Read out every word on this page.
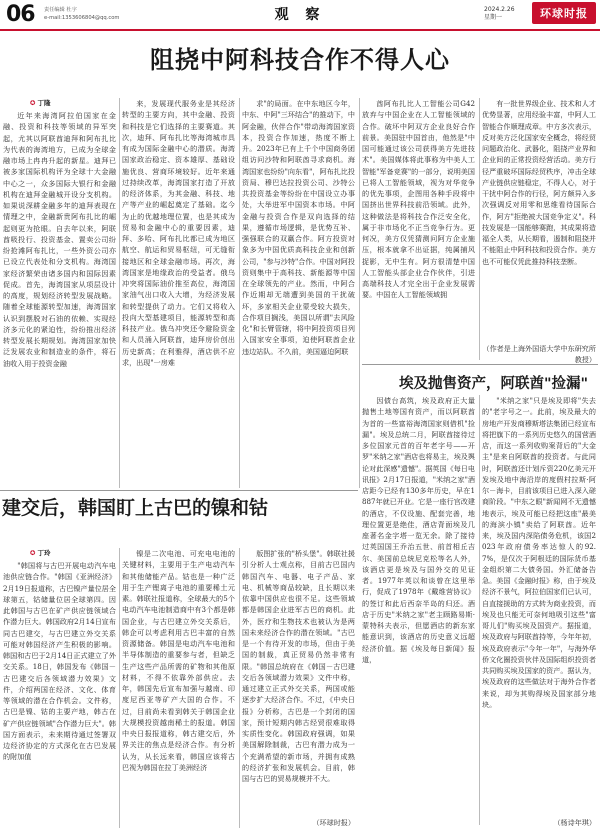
06 责任编辑 杜宇
e-mail:1353606804@qq.com	观 察	2024.2.26
星期一	环球时报
阻挠中阿科技合作不得人心
✪ 丁隆

近年来海湾阿拉伯国家在金融、投资和科技等领域的异军突起，尤其以阿联酋迪拜和阿布扎比为代表的海湾地方，已成为全球金融市场上冉冉升起的新星。迪拜已被多家国际机构评为全球十大金融中心之一，众多国际大银行和金融机构在迪拜金融城开设分支机构。如果说深耕金融多年的迪拜表现在情理之中，金融新贵阿布扎比的崛起则更为抢眼。自去年以来，阿联酋吸投行、投资基金、置卖公司纷纷抢滩阿布扎比，一些外资公司亦已设立代表处和分支机构。海湾国家经济繁荣由诸多国内和国际因素促成。首先，海湾国家从项层设计的高度，规划经济转型发展战略。随着全球能源转型加速，海湾国家认识到摆脱对石油的依赖、实现经济多元化的紧迫性，纷纷推出经济转型发展长期规划。海湾国家加快泛发展农业和制造业的条件，将石油收入用于投资金融

来，发展现代服务业是其经济转型的主要方向，其中金融、投资和科技是它们选择的主要赛道。其次，迪拜、阿布扎比等海湾城市具有成为国际金融中心的潜质。海湾国家政治稳定、资本雄厚、基础设施优良、营商环境较好。近年来通过持续改革，海湾国家打造了开放的经济体系，为其金融、科技、地产等产业的崛起奠定了基础。迄今为止的优越地理位置，也是其成为贸易和金融中心的重要因素，迪拜、多哈、阿布扎比都已成为地区航空、航运和贸易枢纽，可无缝衔接地区和全球金融市场。再次，海湾国家是地缘政治的受益者。俄乌冲突将国际油价推至高位，海湾国家油气出口收入大增，为经济发展和转型提供了动力。它们又将收入投向大型基建项目，能源转型和高科技产业。俄乌冲突还令避险资金和人员涌入阿联酋，迪拜房价创出历史新高；在利雅得，酒店供不应求，出现"一房难

求"的局面。在中东地区今年，中东、中阿"三环结合"的推动下，中阿金融，伙伴合作"带动海湾国家资本，投资合作加速，热度不断上升。2023年已有上千个中国商务团组访问沙特和阿联酋寻求商机。海湾国家也纷纷"向东看"，阿布扎比投资局、穆巴达拉投资公司、沙特公共投资基金等纷纷在中国设立办事处，大举进军中国资本市场。中阿金融与投资合作是双向选择的结果，遵循市场逻辑，是优势互补、强强联合的双赢合作。阿方投资对象多为中国优质高科技企业和创新公司，"参与沙特"合作。中国对阿投资则集中于高科技、新能源等中国在全球领先的产业。然而，中阿合作近期却无端遭到美国的干扰破坏，多家相关企业蒙受较大损失，合作项目搁浅，美国以所谓"去风险化"和长臂管辖，将中阿投资项目列入国家安全事项，迫使阿联酋企业违边站队。不久前，美国逼迫阿联

酋阿布扎比人工智能公司G42放弃与中国企业在人工智能领域的合作。破坏中阿双方企业良好合作前景。美国驻中国首由，他然是"中国可能通过该公司获得美方先进技术"。美国媒体将此事称为中美人工智能"军备竞赛"的一部分，说明美国已将人工智能领域，视为对华竞争的优先事项，企图用各种手段将中国挤出世界科技前沿领域。此外，这种做法是将科技合作泛安全化，属于非市场化不正当竞争行为。更何况，美方仅凭猜测问阿方企业施压，根本就拿不出证据，纯属捕风捉影，无中生有。阿方很清楚中国人工智能头部企业合作伙伴，引进高端科技人才完全出于企业发展需要。中国在人工智能领域拥

有一批世界级企业、技术和人才优势显著，应用经验丰富，中阿人工智能合作顺理成章。中方多次表示，反对美方泛化国家安全概念，将经贸问题政治化、武器化，阻挠产业界和企业间的正常投资经营活动。美方行径严重破坏国际经贸秩序，冲击全球产业链供应链稳定，不得人心，对于干扰中阿合作的行径，阿方颇异入多次强调反对用零和思维看待国际合作，阿方"拒绝被大国竞争定义"。科技发展是一国能够赛跑，其成果将造福全人类，从长期看，遏制和阻挠并不能阻止中阿科技和投资合作。美方也不可能仅凭此推持科技垄断。

（作者是上海外国语大学中东研究所教授）
埃及抛售资产，阿联酋"捡漏"

因债台高筑，埃及政府正大量抛售土地等国有资产，而以阿联酋为首的一些富裕海湾国家则借机"捡漏"。埃及总统二月，阿联酋接待过多位国家元首的百年老字号——开罗"米纳之家"酒店也将易主，埃及舆论对此深感"遗憾"。据英国《每日电讯报》2月17日报道，"米纳之家"酒店距今已经有130多年历史，早在1887年就已开业。它是一座行宫改建的酒店，不仅设施、配套完善，地理位置更是绝佳，酒店背面埃及几座著名金字塔一览无余。除了接待过英国国王乔治五世、前首相丘吉尔、美国前总统尼克松等名人外，该酒店更是埃及与国外交的见证者。1977年英以和谈曾在这里举行，促成了1978年《戴维营协议》的签订和此后西奈半岛的归还。酒店于历史"米纳之家"老主顾路易斯·蒙特科夫表示，但愿酒店的新东家能意识到，该酒店的历史意义远超经济价值。据《埃及每日新闻》报道，

"米纳之家"只是埃及即将"失去的"老字号之一。此前，埃及最大的房地产开发商穆斯塔法集团已经宣布将把旗下的一系列历史悠久的国营酒店，而这一系列收购案背后的"大金主"是来自阿联酋的投资者。与此同时，阿联酋还计划斥资220亿美元开发埃及地中海沿岸的度假村拉斯·阿尔－海卡，目前该项目已进入深入磋商阶段。"中东之眼"新闻网不无遗憾地表示，埃及可能已经把这座"最美的海滨小镇"卖给了阿联酋。近年来，埃及国内深陷债务危机，该国2023年政府债务率达惊人的92.7%，是仅次于阿根廷的国际货币基金组织第二大债务国。外汇储备告急。美国《金融时报》称，由于埃及经济不景气，阿拉伯国家们已认可，自直接援助的方式转为商业投资，而埃及也只能无可奈何地吸引这些"富哥儿们"购买埃及国资产。据报道，埃及政府与阿联酋持等，今年年初，埃及政府表示"今年一年"，与海外华侨文化圈投资伙伴及国际组织投资者共同购买埃及国家的资产。据认为，埃及政府的这些做法对于海外合作者来说，却为其购得埃及国家部分地块。

（杨诗年琪）
建交后，韩国盯上古巴的镍和钴
✪ 丁玲

"韩国将与古巴开展电动汽车电池供应链合作。"韩国《亚洲经济》2月19日报道称，古巴镍产量位居全球第五，钴储量位居全球第四。因此韩国与古巴在矿产供应链领域合作潜力巨大。韩国政府2月14日宣布同古巴建交，与古巴建立外交关系可能对韩国经济产生积极的影响。韩国和古巴于2月14日正式建立了外交关系。18日，韩国发布《韩国－古巴建交后各领域潜力效果》文件，介绍两国在经济、文化、体育等领域的潜在合作机会。文件称，古巴是镍、钴的主要产地，韩古在矿产供应链领域"合作潜力巨大"。韩国方面表示，未来期待通过签署双边经济协定的方式深化在古巴发展的附加值

镍是二次电池、可充电电池的关键材料，主要用于生产电动汽车和其他储能产品。钴也是一种广泛用于生产锂离子电池的重要稀土元素。韩联社报道称，全球最大的5个电动汽车电池制造商中有3个都是韩国企业，与古巴建立外交关系后，韩企可以考虑利用古巴丰富的自然资源储备。韩国是电动汽车电池和半导体制造的重要参与者，但缺乏生产这些产品所需的矿物和其他原材料，不得不依靠外部供应。去年，韩国先后宣布加强与越南、印度尼西亚等矿产大国的合作。不过，目前尚未看到韩关于韩国企业大规模投资越南稀土的报道。韩国中央日报报道称，韩古建交后，外界关注的焦点是经济合作。有分析认为，从长远来看，韩国应该将古巴视为韩国在拉丁美洲经济

版图扩张的"桥头堡"。韩联社援引分析人士观点称，目前古巴国内韩国汽车、电器、电子产品、家电、机械等商品较缺，且长期以来依靠中国供应也很不足。这些领域都是韩国企业进军古巴的商机。此外，医疗和生物技术也被认为是两国未来经济合作的潜在领域。"古巴是一个有待开发的市场，但由于美国的制裁，真正贸易仍然非常有限。"韩国总统府在《韩国－古巴建交后各领域潜力效果》文件中称，通过建立正式外交关系，两国或能逐步扩大经济合作。不过，《中央日报》分析称，古巴是一个封闭的国家，预计短期内韩古经贸很难取得实质性变化。韩国政府强调，如果美国解除制裁，古巴有潜力成为一个充满希望的新市场，并拥有成熟的经济扩张和发展机会。目前，韩国与古巴的贸易规模并不大。

（环球时报）
